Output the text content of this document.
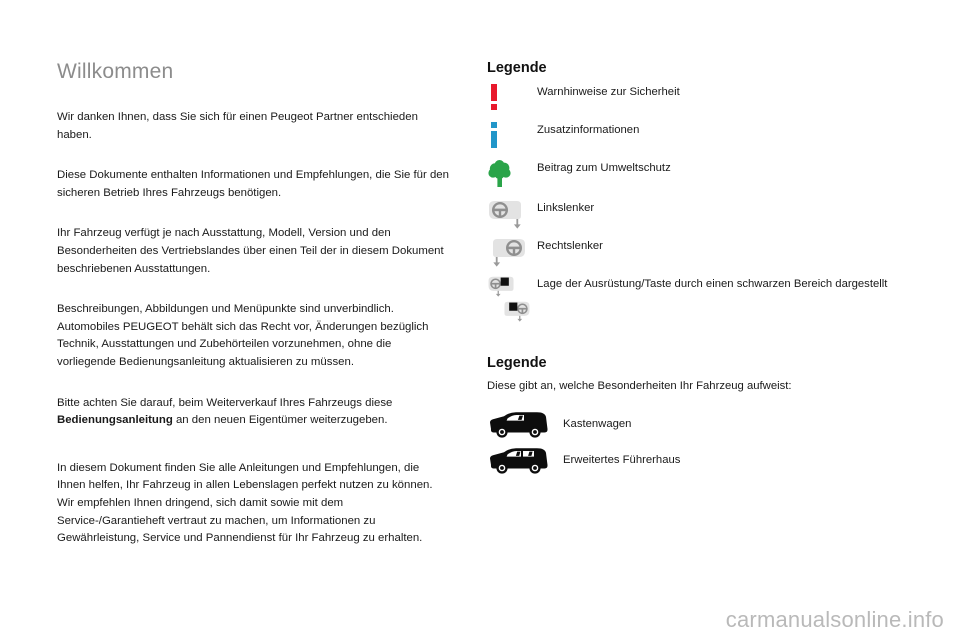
Willkommen

Wir danken Ihnen, dass Sie sich für einen Peugeot Partner entschieden haben.

Diese Dokumente enthalten Informationen und Empfehlungen, die Sie für den sicheren Betrieb Ihres Fahrzeugs benötigen.

Ihr Fahrzeug verfügt je nach Ausstattung, Modell, Version und den Besonderheiten des Vertriebslandes über einen Teil der in diesem Dokument beschriebenen Ausstattungen.

Beschreibungen, Abbildungen und Menüpunkte sind unverbindlich. Automobiles PEUGEOT behält sich das Recht vor, Änderungen bezüglich Technik, Ausstattungen und Zubehörteilen vorzunehmen, ohne die vorliegende Bedienungsanleitung aktualisieren zu müssen.

Bitte achten Sie darauf, beim Weiterverkauf Ihres Fahrzeugs diese Bedienungsanleitung an den neuen Eigentümer weiterzugeben.

In diesem Dokument finden Sie alle Anleitungen und Empfehlungen, die Ihnen helfen, Ihr Fahrzeug in allen Lebenslagen perfekt nutzen zu können. Wir empfehlen Ihnen dringend, sich damit sowie mit dem Service-/Garantieheft vertraut zu machen, um Informationen zu Gewährleistung, Service und Pannendienst für Ihr Fahrzeug zu erhalten.

Legende
Warnhinweise zur Sicherheit
Zusatzinformationen
Beitrag zum Umweltschutz
Linkslenker
Rechtslenker
Lage der Ausrüstung/Taste durch einen schwarzen Bereich dargestellt
Legende

Diese gibt an, welche Besonderheiten Ihr Fahrzeug aufweist:

Kastenwagen
Erweitertes Führerhaus
carmanualsonline.info
